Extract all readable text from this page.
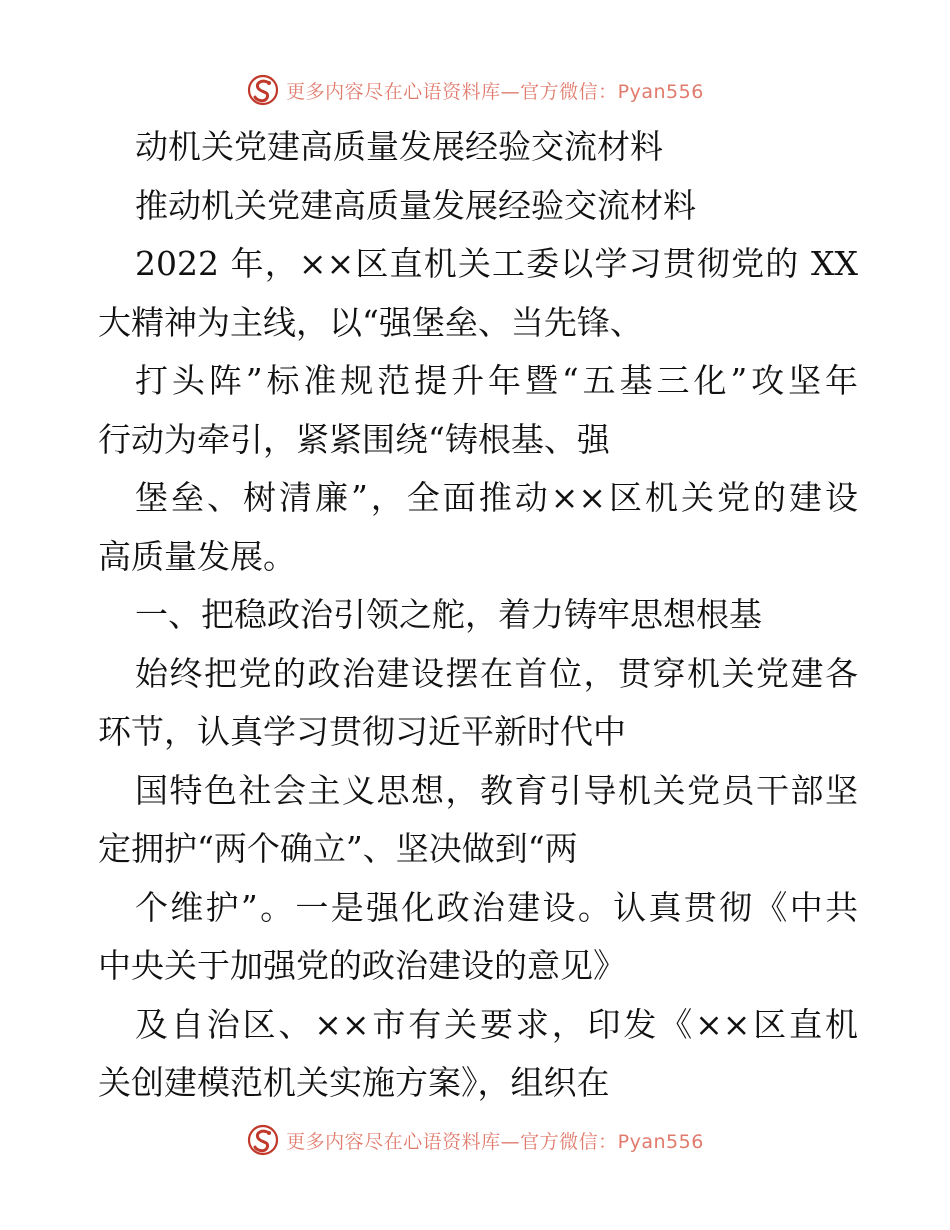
更多内容尽在心语资料库—官方微信：Pyan556
动机关党建高质量发展经验交流材料
推动机关党建高质量发展经验交流材料
2022 年，××区直机关工委以学习贯彻党的 XX
大精神为主线，以“强堡垒、当先锋、
打头阵”标准规范提升年暨“五基三化”攻坚年
行动为牵引，紧紧围绕“铸根基、强
堡垒、树清廉”，全面推动××区机关党的建设
高质量发展。
一、把稳政治引领之舵，着力铸牢思想根基
始终把党的政治建设摆在首位，贯穿机关党建各
环节，认真学习贯彻习近平新时代中
国特色社会主义思想，教育引导机关党员干部坚
定拥护“两个确立”、坚决做到“两
个维护”。一是强化政治建设。认真贯彻《中共
中央关于加强党的政治建设的意见》
及自治区、××市有关要求，印发《××区直机
关创建模范机关实施方案》，组织在
更多内容尽在心语资料库—官方微信：Pyan556
